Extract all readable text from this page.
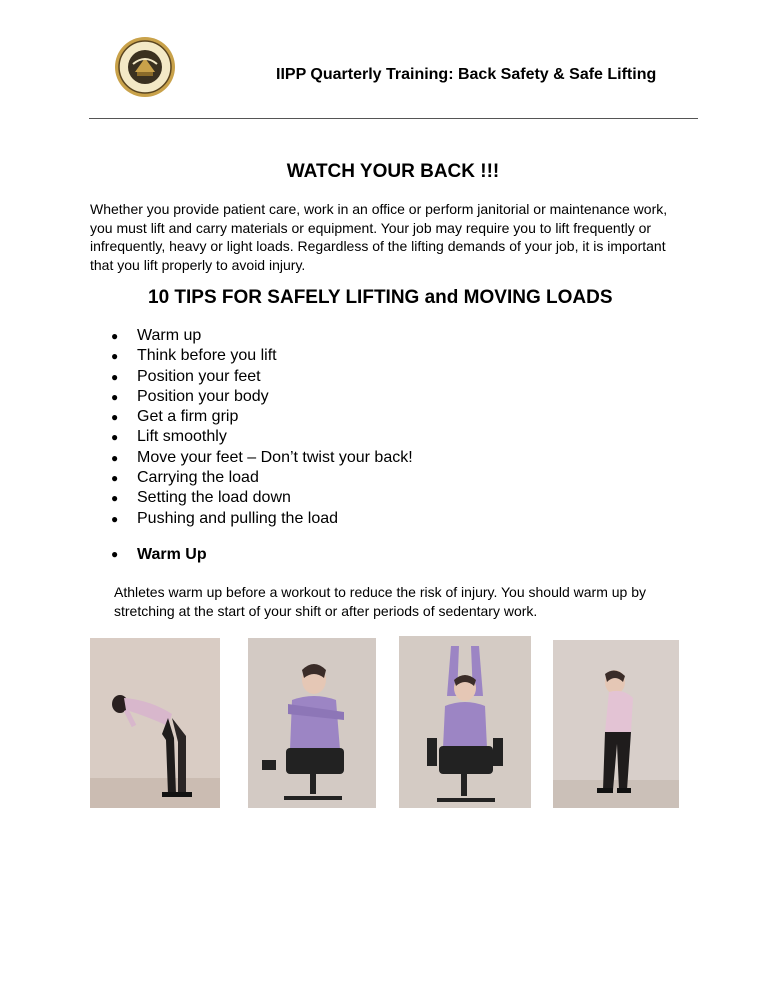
IIPP Quarterly Training: Back Safety & Safe Lifting
WATCH YOUR BACK !!!
Whether you provide patient care, work in an office or perform janitorial or maintenance work, you must lift and carry materials or equipment. Your job may require you to lift frequently or infrequently, heavy or light loads. Regardless of the lifting demands of your job, it is important that you lift properly to avoid injury.
10 TIPS FOR SAFELY LIFTING and MOVING LOADS
● Warm up
● Think before you lift
● Position your feet
● Position your body
● Get a firm grip
● Lift smoothly
● Move your feet – Don’t twist your back!
● Carrying the load
● Setting the load down
● Pushing and pulling the load
● Warm Up
Athletes warm up before a workout to reduce the risk of injury. You should warm up by stretching at the start of your shift or after periods of sedentary work.
